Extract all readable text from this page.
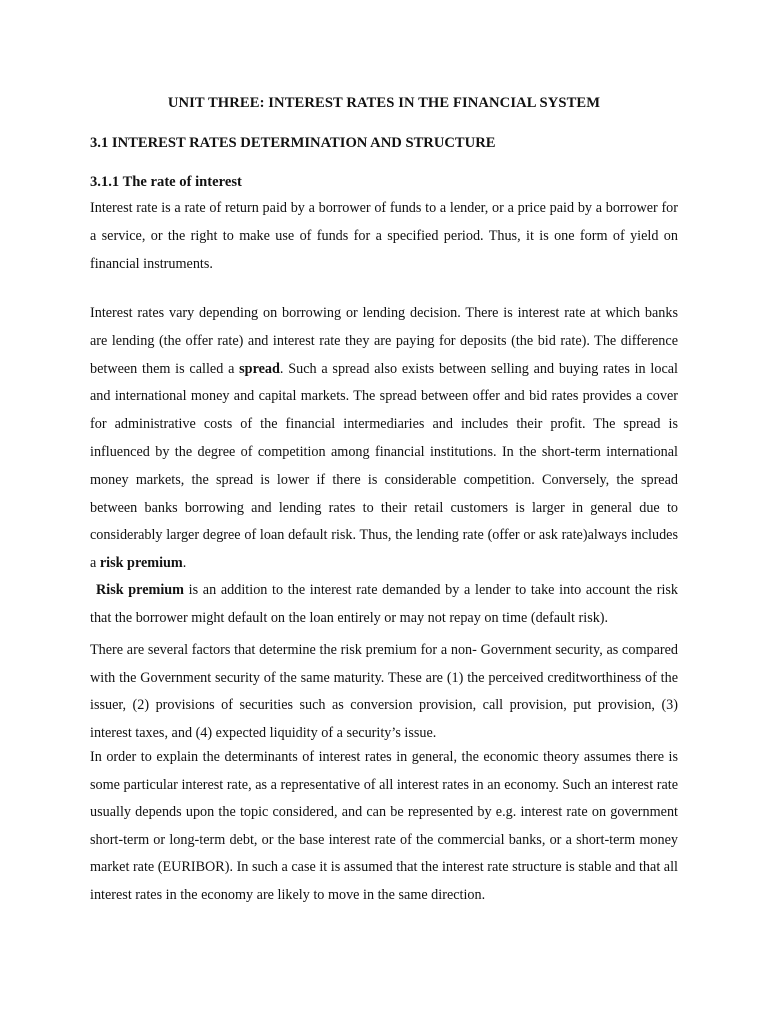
UNIT THREE: INTEREST RATES IN THE FINANCIAL SYSTEM
3.1 INTEREST RATES DETERMINATION AND STRUCTURE
3.1.1 The rate of interest

Interest rate is a rate of return paid by a borrower of funds to a lender, or a price paid by a borrower for a service, or the right to make use of funds for a specified period. Thus, it is one form of yield on financial instruments.

Interest rates vary depending on borrowing or lending decision. There is interest rate at which banks are lending (the offer rate) and interest rate they are paying for deposits (the bid rate). The difference between them is called a spread. Such a spread also exists between selling and buying rates in local and international money and capital markets. The spread between offer and bid rates provides a cover for administrative costs of the financial intermediaries and includes their profit. The spread is influenced by the degree of competition among financial institutions. In the short-term international money markets, the spread is lower if there is considerable competition. Conversely, the spread between banks borrowing and lending rates to their retail customers is larger in general due to considerably larger degree of loan default risk. Thus, the lending rate (offer or ask rate)always includes a risk premium.

Risk premium is an addition to the interest rate demanded by a lender to take into account the risk that the borrower might default on the loan entirely or may not repay on time (default risk).

There are several factors that determine the risk premium for a non- Government security, as compared with the Government security of the same maturity. These are (1) the perceived creditworthiness of the issuer, (2) provisions of securities such as conversion provision, call provision, put provision, (3) interest taxes, and (4) expected liquidity of a security’s issue.

In order to explain the determinants of interest rates in general, the economic theory assumes there is some particular interest rate, as a representative of all interest rates in an economy. Such an interest rate usually depends upon the topic considered, and can be represented by e.g. interest rate on government short-term or long-term debt, or the base interest rate of the commercial banks, or a short-term money market rate (EURIBOR). In such a case it is assumed that the interest rate structure is stable and that all interest rates in the economy are likely to move in the same direction.
